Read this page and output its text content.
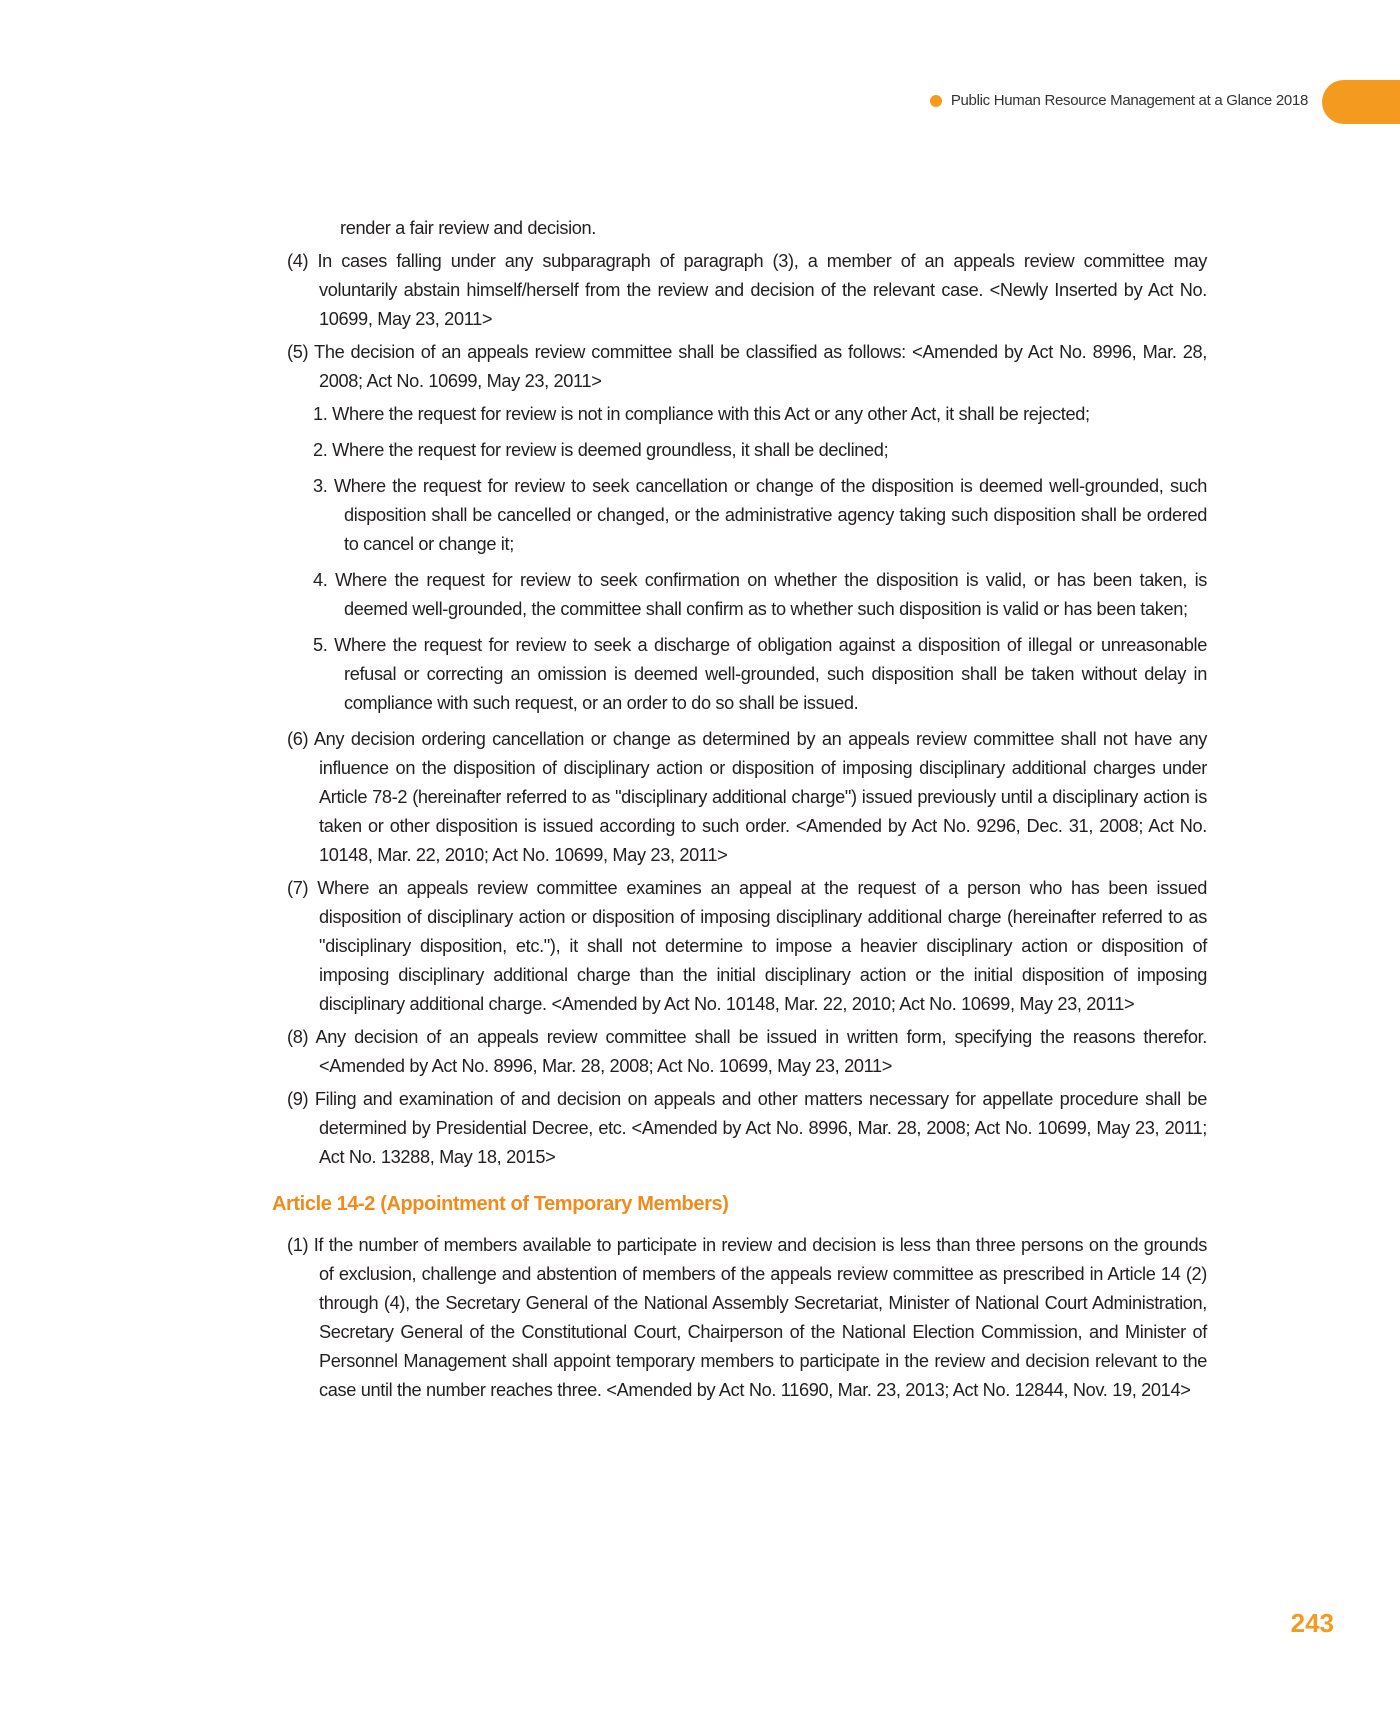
Public Human Resource Management at a Glance 2018

render a fair review and decision.

(4) In cases falling under any subparagraph of paragraph (3), a member of an appeals review committee may voluntarily abstain himself/herself from the review and decision of the relevant case. <Newly Inserted by Act No. 10699, May 23, 2011>

(5) The decision of an appeals review committee shall be classified as follows: <Amended by Act No. 8996, Mar. 28, 2008; Act No. 10699, May 23, 2011>

1. Where the request for review is not in compliance with this Act or any other Act, it shall be rejected;

2. Where the request for review is deemed groundless, it shall be declined;

3. Where the request for review to seek cancellation or change of the disposition is deemed well-grounded, such disposition shall be cancelled or changed, or the administrative agency taking such disposition shall be ordered to cancel or change it;

4. Where the request for review to seek confirmation on whether the disposition is valid, or has been taken, is deemed well-grounded, the committee shall confirm as to whether such disposition is valid or has been taken;

5. Where the request for review to seek a discharge of obligation against a disposition of illegal or unreasonable refusal or correcting an omission is deemed well-grounded, such disposition shall be taken without delay in compliance with such request, or an order to do so shall be issued.

(6) Any decision ordering cancellation or change as determined by an appeals review committee shall not have any influence on the disposition of disciplinary action or disposition of imposing disciplinary additional charges under Article 78-2 (hereinafter referred to as "disciplinary additional charge") issued previously until a disciplinary action is taken or other disposition is issued according to such order. <Amended by Act No. 9296, Dec. 31, 2008; Act No. 10148, Mar. 22, 2010; Act No. 10699, May 23, 2011>

(7) Where an appeals review committee examines an appeal at the request of a person who has been issued disposition of disciplinary action or disposition of imposing disciplinary additional charge (hereinafter referred to as "disciplinary disposition, etc."), it shall not determine to impose a heavier disciplinary action or disposition of imposing disciplinary additional charge than the initial disciplinary action or the initial disposition of imposing disciplinary additional charge. <Amended by Act No. 10148, Mar. 22, 2010; Act No. 10699, May 23, 2011>

(8) Any decision of an appeals review committee shall be issued in written form, specifying the reasons therefor. <Amended by Act No. 8996, Mar. 28, 2008; Act No. 10699, May 23, 2011>

(9) Filing and examination of and decision on appeals and other matters necessary for appellate procedure shall be determined by Presidential Decree, etc. <Amended by Act No. 8996, Mar. 28, 2008; Act No. 10699, May 23, 2011; Act No. 13288, May 18, 2015>

Article 14-2 (Appointment of Temporary Members)

(1) If the number of members available to participate in review and decision is less than three persons on the grounds of exclusion, challenge and abstention of members of the appeals review committee as prescribed in Article 14 (2) through (4), the Secretary General of the National Assembly Secretariat, Minister of National Court Administration, Secretary General of the Constitutional Court, Chairperson of the National Election Commission, and Minister of Personnel Management shall appoint temporary members to participate in the review and decision relevant to the case until the number reaches three. <Amended by Act No. 11690, Mar. 23, 2013; Act No. 12844, Nov. 19, 2014>

243
